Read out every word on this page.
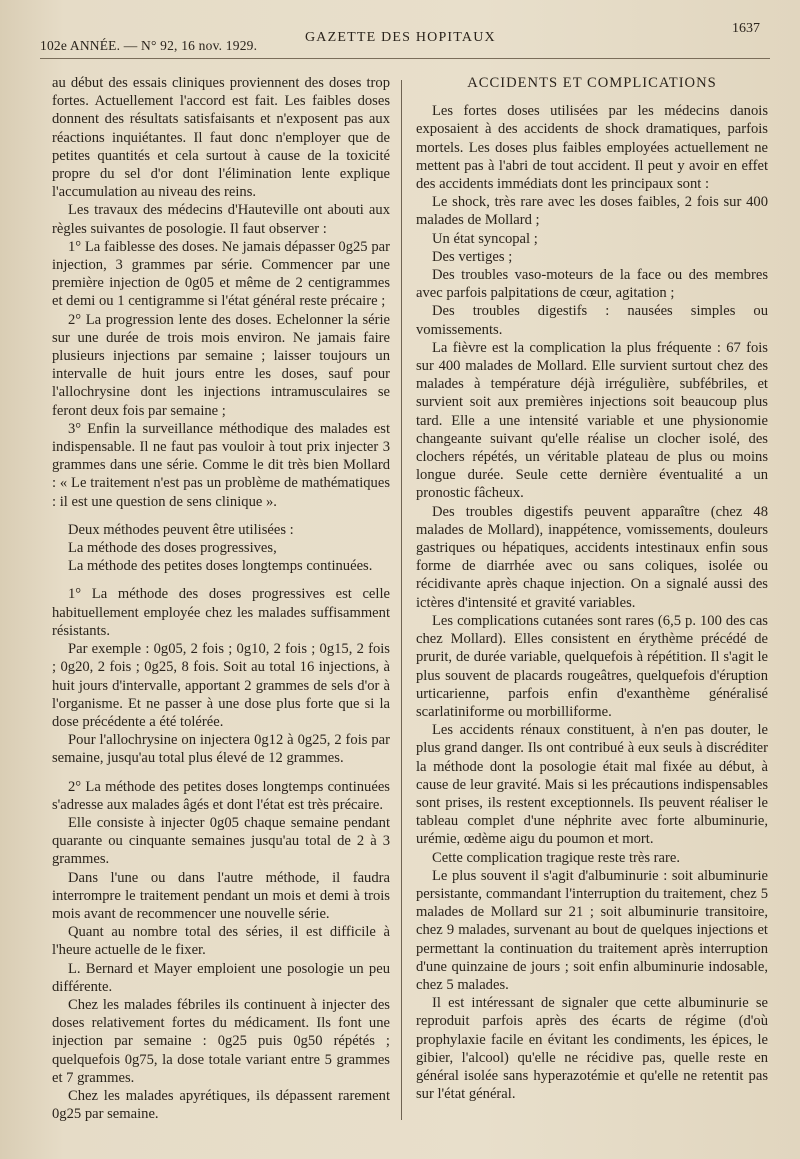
102e ANNÉE. — N° 92, 16 nov. 1929.
GAZETTE DES HOPITAUX
1637

au début des essais cliniques proviennent des doses trop fortes. Actuellement l'accord est fait. Les faibles doses donnent des résultats satisfaisants et n'exposent pas aux réactions inquiétantes. Il faut donc n'employer que de petites quantités et cela surtout à cause de la toxicité propre du sel d'or dont l'élimination lente explique l'accumulation au niveau des reins.

Les travaux des médecins d'Hauteville ont abouti aux règles suivantes de posologie. Il faut observer :

1° La faiblesse des doses. Ne jamais dépasser 0g25 par injection, 3 grammes par série. Commencer par une première injection de 0g05 et même de 2 centigrammes et demi ou 1 centigramme si l'état général reste précaire ;

2° La progression lente des doses. Echelonner la série sur une durée de trois mois environ. Ne jamais faire plusieurs injections par semaine ; laisser toujours un intervalle de huit jours entre les doses, sauf pour l'allochrysine dont les injections intramusculaires se feront deux fois par semaine ;

3° Enfin la surveillance méthodique des malades est indispensable. Il ne faut pas vouloir à tout prix injecter 3 grammes dans une série. Comme le dit très bien Mollard : « Le traitement n'est pas un problème de mathématiques : il est une question de sens clinique ».

Deux méthodes peuvent être utilisées :

La méthode des doses progressives,

La méthode des petites doses longtemps continuées.

1° La méthode des doses progressives est celle habituellement employée chez les malades suffisamment résistants.

Par exemple : 0g05, 2 fois ; 0g10, 2 fois ; 0g15, 2 fois ; 0g20, 2 fois ; 0g25, 8 fois. Soit au total 16 injections, à huit jours d'intervalle, apportant 2 grammes de sels d'or à l'organisme. Et ne passer à une dose plus forte que si la dose précédente a été tolérée.

Pour l'allochrysine on injectera 0g12 à 0g25, 2 fois par semaine, jusqu'au total plus élevé de 12 grammes.

2° La méthode des petites doses longtemps continuées s'adresse aux malades âgés et dont l'état est très précaire.

Elle consiste à injecter 0g05 chaque semaine pendant quarante ou cinquante semaines jusqu'au total de 2 à 3 grammes.

Dans l'une ou dans l'autre méthode, il faudra interrompre le traitement pendant un mois et demi à trois mois avant de recommencer une nouvelle série.

Quant au nombre total des séries, il est difficile à l'heure actuelle de le fixer.

L. Bernard et Mayer emploient une posologie un peu différente.

Chez les malades fébriles ils continuent à injecter des doses relativement fortes du médicament. Ils font une injection par semaine : 0g25 puis 0g50 répétés ; quelquefois 0g75, la dose totale variant entre 5 grammes et 7 grammes.

Chez les malades apyrétiques, ils dépassent rarement 0g25 par semaine.

ACCIDENTS ET COMPLICATIONS

Les fortes doses utilisées par les médecins danois exposaient à des accidents de shock dramatiques, parfois mortels. Les doses plus faibles employées actuellement ne mettent pas à l'abri de tout accident. Il peut y avoir en effet des accidents immédiats dont les principaux sont :

Le shock, très rare avec les doses faibles, 2 fois sur 400 malades de Mollard ;

Un état syncopal ;

Des vertiges ;

Des troubles vaso-moteurs de la face ou des membres avec parfois palpitations de cœur, agitation ;

Des troubles digestifs : nausées simples ou vomissements.

La fièvre est la complication la plus fréquente : 67 fois sur 400 malades de Mollard. Elle survient surtout chez des malades à température déjà irrégulière, subfébriles, et survient soit aux premières injections soit beaucoup plus tard. Elle a une intensité variable et une physionomie changeante suivant qu'elle réalise un clocher isolé, des clochers répétés, un véritable plateau de plus ou moins longue durée. Seule cette dernière éventualité a un pronostic fâcheux.

Des troubles digestifs peuvent apparaître (chez 48 malades de Mollard), inappétence, vomissements, douleurs gastriques ou hépatiques, accidents intestinaux enfin sous forme de diarrhée avec ou sans coliques, isolée ou récidivante après chaque injection. On a signalé aussi des ictères d'intensité et gravité variables.

Les complications cutanées sont rares (6,5 p. 100 des cas chez Mollard). Elles consistent en érythème précédé de prurit, de durée variable, quelquefois à répétition. Il s'agit le plus souvent de placards rougeâtres, quelquefois d'éruption urticarienne, parfois enfin d'exanthème généralisé scarlatiniforme ou morbilliforme.

Les accidents rénaux constituent, à n'en pas douter, le plus grand danger. Ils ont contribué à eux seuls à discréditer la méthode dont la posologie était mal fixée au début, à cause de leur gravité. Mais si les précautions indispensables sont prises, ils restent exceptionnels. Ils peuvent réaliser le tableau complet d'une néphrite avec forte albuminurie, urémie, œdème aigu du poumon et mort.

Cette complication tragique reste très rare.

Le plus souvent il s'agit d'albuminurie : soit albuminurie persistante, commandant l'interruption du traitement, chez 5 malades de Mollard sur 21 ; soit albuminurie transitoire, chez 9 malades, survenant au bout de quelques injections et permettant la continuation du traitement après interruption d'une quinzaine de jours ; soit enfin albuminurie indosable, chez 5 malades.

Il est intéressant de signaler que cette albuminurie se reproduit parfois après des écarts de régime (d'où prophylaxie facile en évitant les condiments, les épices, le gibier, l'alcool) qu'elle ne récidive pas, quelle reste en général isolée sans hyperazotémie et qu'elle ne retentit pas sur l'état général.
